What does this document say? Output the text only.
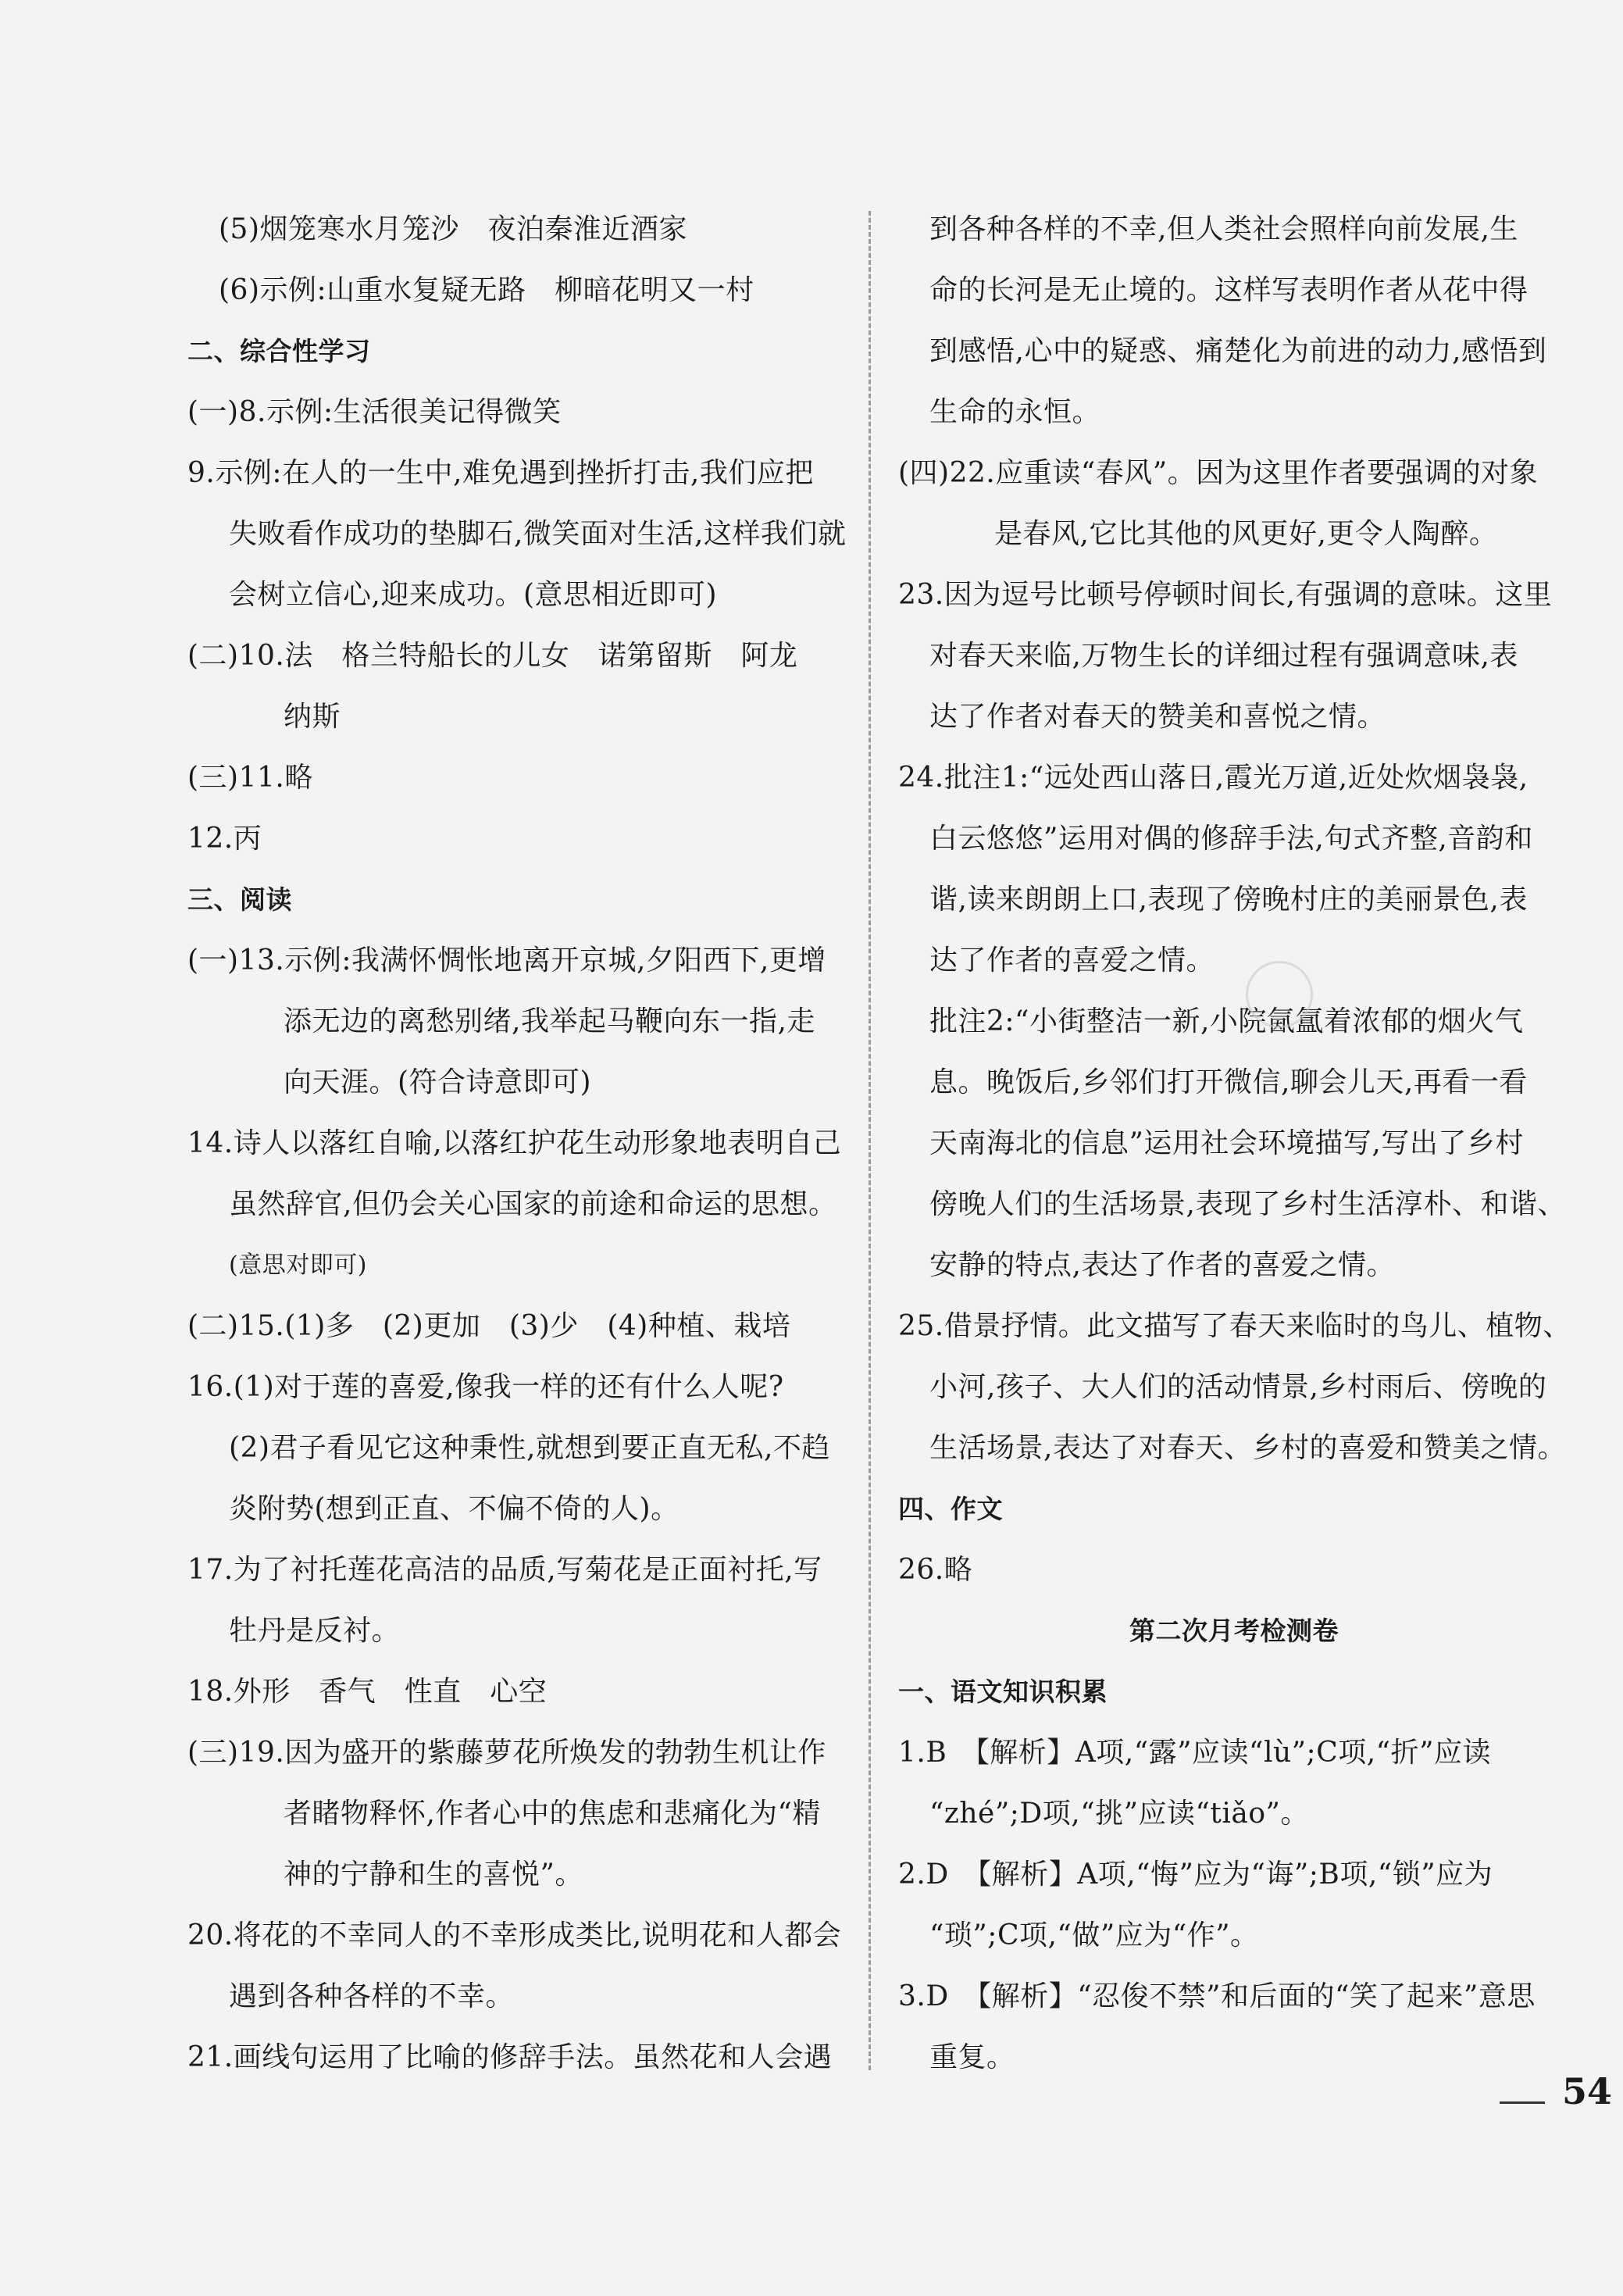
(5)烟笼寒水月笼沙　夜泊秦淮近酒家
(6)示例:山重水复疑无路　柳暗花明又一村
二、综合性学习
(一)8.示例:生活很美记得微笑
9.示例:在人的一生中,难免遇到挫折打击,我们应把
失败看作成功的垫脚石,微笑面对生活,这样我们就
会树立信心,迎来成功。(意思相近即可)
(二)10.法　格兰特船长的儿女　诺第留斯　阿龙
纳斯
(三)11.略
12.丙
三、阅读
(一)13.示例:我满怀惆怅地离开京城,夕阳西下,更增
添无边的离愁别绪,我举起马鞭向东一指,走
向天涯。(符合诗意即可)
14.诗人以落红自喻,以落红护花生动形象地表明自己
虽然辞官,但仍会关心国家的前途和命运的思想。
(意思对即可)
(二)15.(1)多　(2)更加　(3)少　(4)种植、栽培
16.(1)对于莲的喜爱,像我一样的还有什么人呢?
(2)君子看见它这种秉性,就想到要正直无私,不趋
炎附势(想到正直、不偏不倚的人)。
17.为了衬托莲花高洁的品质,写菊花是正面衬托,写
牡丹是反衬。
18.外形　香气　性直　心空
(三)19.因为盛开的紫藤萝花所焕发的勃勃生机让作
者睹物释怀,作者心中的焦虑和悲痛化为“精
神的宁静和生的喜悦”。
20.将花的不幸同人的不幸形成类比,说明花和人都会
遇到各种各样的不幸。
21.画线句运用了比喻的修辞手法。虽然花和人会遇
到各种各样的不幸,但人类社会照样向前发展,生
命的长河是无止境的。这样写表明作者从花中得
到感悟,心中的疑惑、痛楚化为前进的动力,感悟到
生命的永恒。
(四)22.应重读“春风”。因为这里作者要强调的对象
是春风,它比其他的风更好,更令人陶醉。
23.因为逗号比顿号停顿时间长,有强调的意味。这里
对春天来临,万物生长的详细过程有强调意味,表
达了作者对春天的赞美和喜悦之情。
24.批注1:“远处西山落日,霞光万道,近处炊烟袅袅,
白云悠悠”运用对偶的修辞手法,句式齐整,音韵和
谐,读来朗朗上口,表现了傍晚村庄的美丽景色,表
达了作者的喜爱之情。
批注2:“小街整洁一新,小院氤氲着浓郁的烟火气
息。晚饭后,乡邻们打开微信,聊会儿天,再看一看
天南海北的信息”运用社会环境描写,写出了乡村
傍晚人们的生活场景,表现了乡村生活淳朴、和谐、
安静的特点,表达了作者的喜爱之情。
25.借景抒情。此文描写了春天来临时的鸟儿、植物、
小河,孩子、大人们的活动情景,乡村雨后、傍晚的
生活场景,表达了对春天、乡村的喜爱和赞美之情。
四、作文
26.略
第二次月考检测卷
一、语文知识积累
1.B　【解析】A项,“露”应读“lù”;C项,“折”应读
“zhé”;D项,“挑”应读“tiǎo”。
2.D　【解析】A项,“悔”应为“诲”;B项,“锁”应为
“琐”;C项,“做”应为“作”。
3.D　【解析】“忍俊不禁”和后面的“笑了起来”意思
重复。
54
